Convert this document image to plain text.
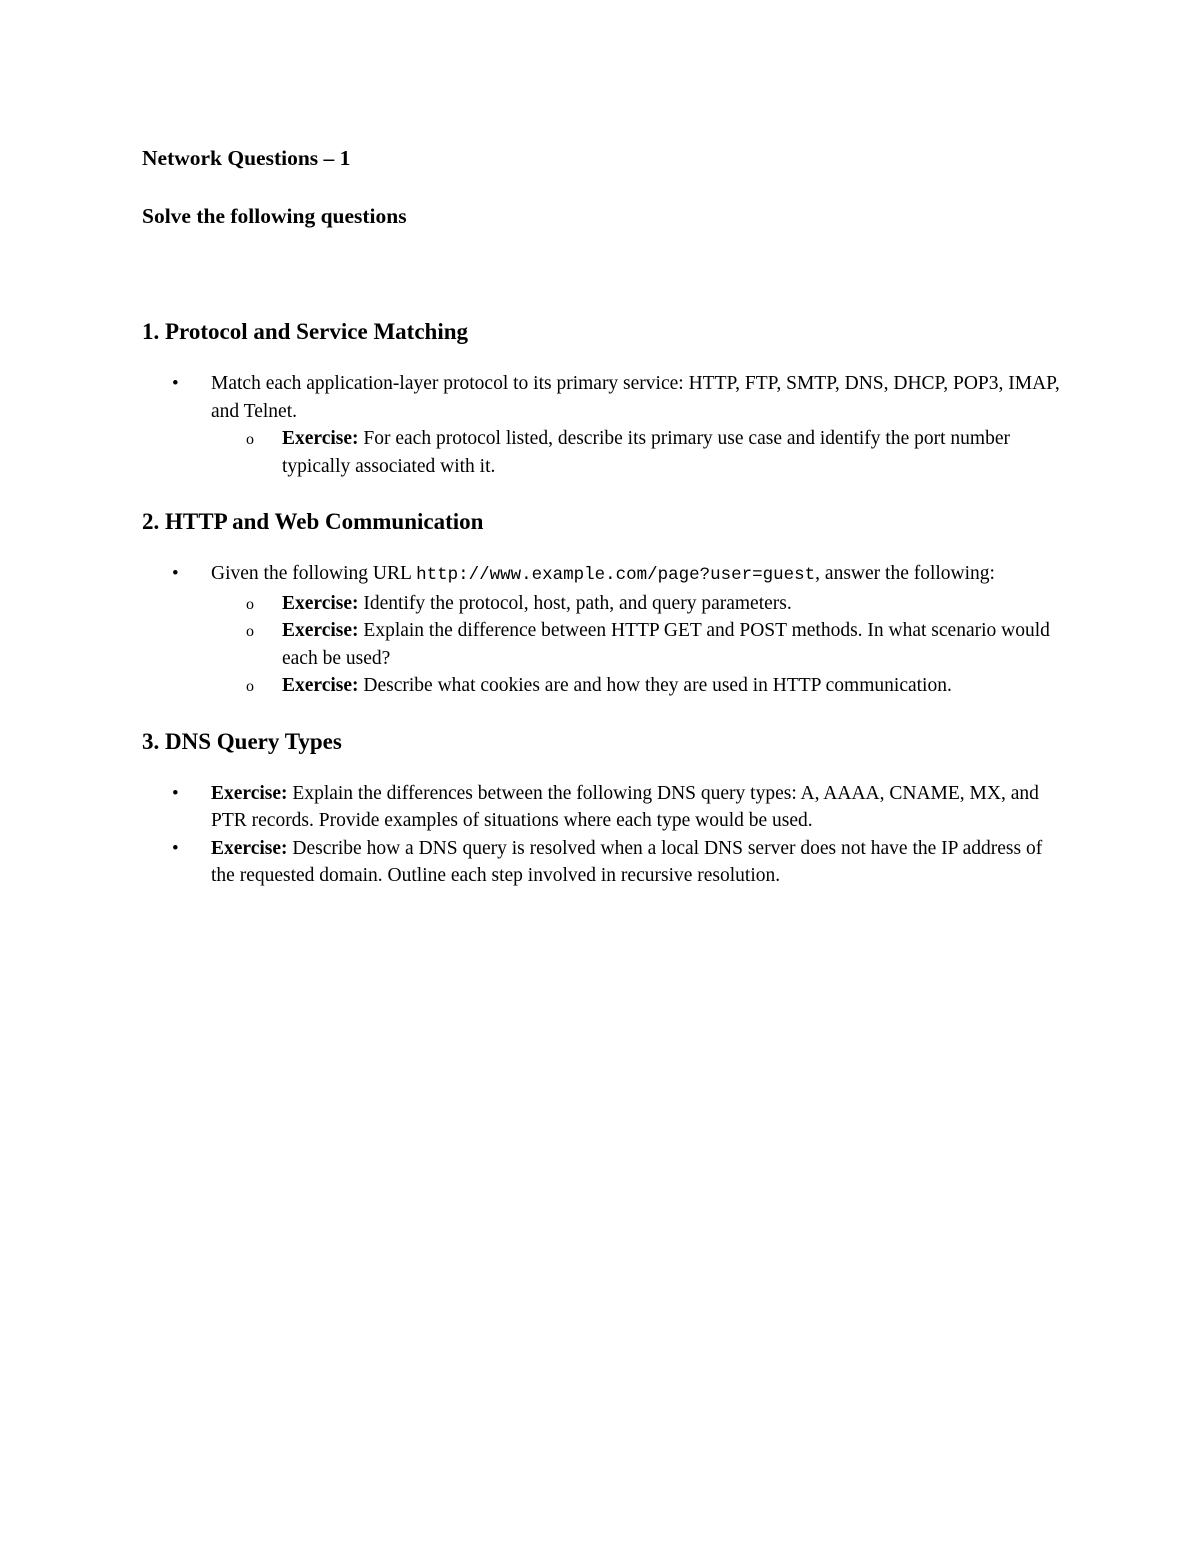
Network Questions – 1

Solve the following questions

1. Protocol and Service Matching

• Match each application-layer protocol to its primary service: HTTP, FTP, SMTP, DNS, DHCP, POP3, IMAP, and Telnet.
o Exercise: For each protocol listed, describe its primary use case and identify the port number typically associated with it.

2. HTTP and Web Communication

• Given the following URL http://www.example.com/page?user=guest, answer the following:
o Exercise: Identify the protocol, host, path, and query parameters.
o Exercise: Explain the difference between HTTP GET and POST methods. In what scenario would each be used?
o Exercise: Describe what cookies are and how they are used in HTTP communication.

3. DNS Query Types

• Exercise: Explain the differences between the following DNS query types: A, AAAA, CNAME, MX, and PTR records. Provide examples of situations where each type would be used.
• Exercise: Describe how a DNS query is resolved when a local DNS server does not have the IP address of the requested domain. Outline each step involved in recursive resolution.
